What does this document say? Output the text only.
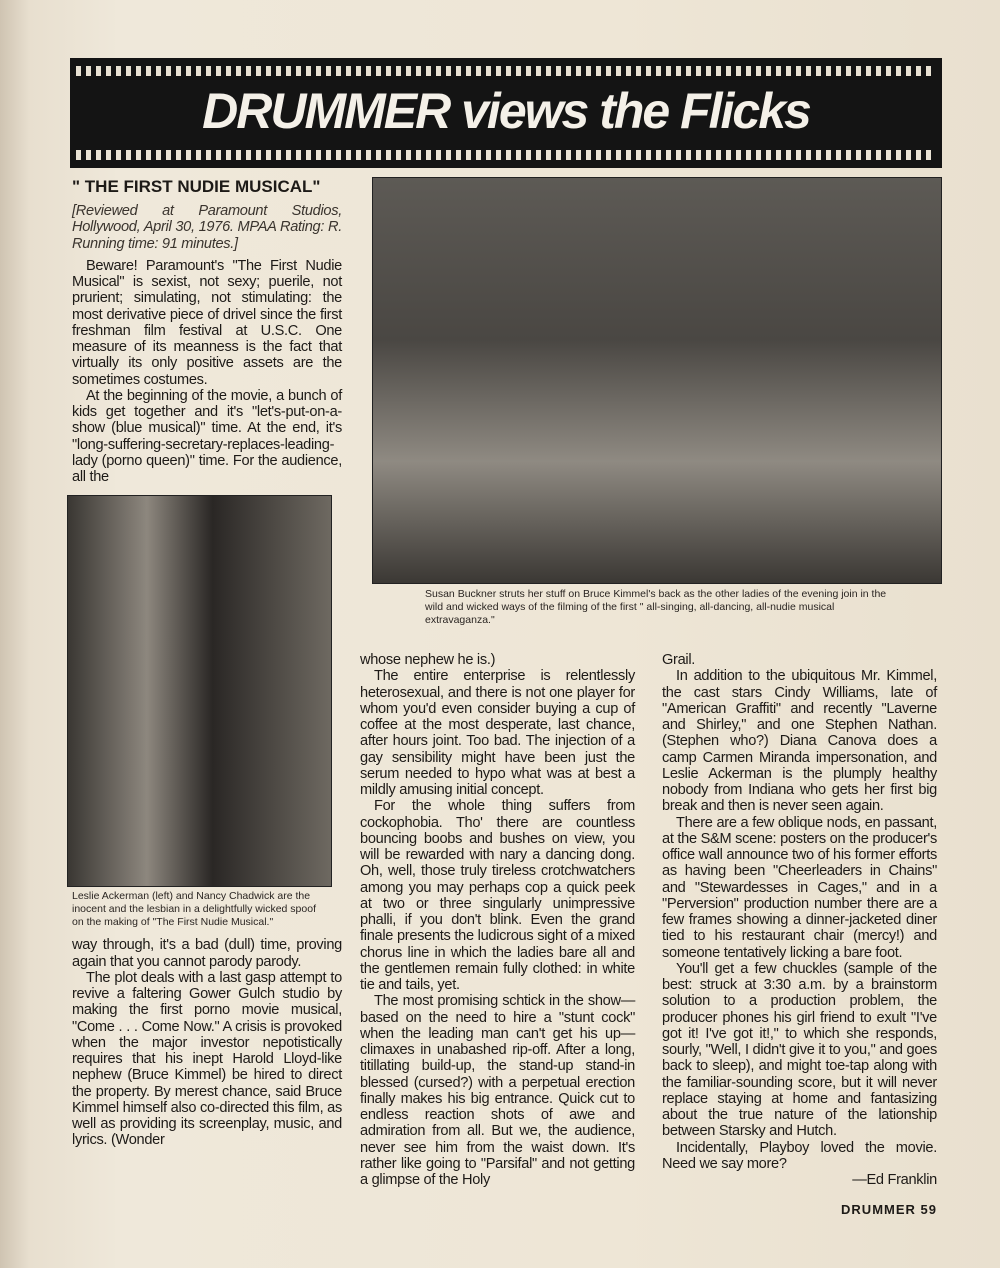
DRUMMER views the Flicks
Susan Buckner struts her stuff on Bruce Kimmel's back as the other ladies of the evening join in the wild and wicked ways of the filming of the first " all-singing, all-dancing, all-nudie musical extravaganza."
" THE FIRST NUDIE MUSICAL"

[Reviewed at Paramount Studios, Hollywood, April 30, 1976. MPAA Rating: R. Running time: 91 minutes.]

Beware! Paramount's "The First Nudie Musical" is sexist, not sexy; puerile, not prurient; simulating, not stimulating: the most derivative piece of drivel since the first freshman film festival at U.S.C. One measure of its meanness is the fact that virtually its only positive assets are the sometimes costumes.

At the beginning of the movie, a bunch of kids get together and it's "let's-put-on-a-show (blue musical)" time. At the end, it's "long-suffering-secretary-replaces-leading-lady (porno queen)" time. For the audience, all the

Leslie Ackerman (left) and Nancy Chadwick are the inocent and the lesbian in a delightfully wicked spoof on the making of "The First Nudie Musical."

way through, it's a bad (dull) time, proving again that you cannot parody parody.

The plot deals with a last gasp attempt to revive a faltering Gower Gulch studio by making the first porno movie musical, "Come . . . Come Now." A crisis is provoked when the major investor nepotistically requires that his inept Harold Lloyd-like nephew (Bruce Kimmel) be hired to direct the property. By merest chance, said Bruce Kimmel himself also co-directed this film, as well as providing its screenplay, music, and lyrics. (Wonder

whose nephew he is.)

The entire enterprise is relentlessly heterosexual, and there is not one player for whom you'd even consider buying a cup of coffee at the most desperate, last chance, after hours joint. Too bad. The injection of a gay sensibility might have been just the serum needed to hypo what was at best a mildly amusing initial concept.

For the whole thing suffers from cockophobia. Tho' there are countless bouncing boobs and bushes on view, you will be rewarded with nary a dancing dong. Oh, well, those truly tireless crotchwatchers among you may perhaps cop a quick peek at two or three singularly unimpressive phalli, if you don't blink. Even the grand finale presents the ludicrous sight of a mixed chorus line in which the ladies bare all and the gentlemen remain fully clothed: in white tie and tails, yet.

The most promising schtick in the show—based on the need to hire a "stunt cock" when the leading man can't get his up—climaxes in unabashed rip-off. After a long, titillating build-up, the stand-up stand-in blessed (cursed?) with a perpetual erection finally makes his big entrance. Quick cut to endless reaction shots of awe and admiration from all. But we, the audience, never see him from the waist down. It's rather like going to "Parsifal" and not getting a glimpse of the Holy

Grail.

In addition to the ubiquitous Mr. Kimmel, the cast stars Cindy Williams, late of "American Graffiti" and recently "Laverne and Shirley," and one Stephen Nathan. (Stephen who?) Diana Canova does a camp Carmen Miranda impersonation, and Leslie Ackerman is the plumply healthy nobody from Indiana who gets her first big break and then is never seen again.

There are a few oblique nods, en passant, at the S&M scene: posters on the producer's office wall announce two of his former efforts as having been "Cheerleaders in Chains" and "Stewardesses in Cages," and in a "Perversion" production number there are a few frames showing a dinner-jacketed diner tied to his restaurant chair (mercy!) and someone tentatively licking a bare foot.

You'll get a few chuckles (sample of the best: struck at 3:30 a.m. by a brainstorm solution to a production problem, the producer phones his girl friend to exult "I've got it! I've got it!," to which she responds, sourly, "Well, I didn't give it to you," and goes back to sleep), and might toe-tap along with the familiar-sounding score, but it will never replace staying at home and fantasizing about the true nature of the lationship between Starsky and Hutch.

Incidentally, Playboy loved the movie. Need we say more?

—Ed Franklin

DRUMMER 59
